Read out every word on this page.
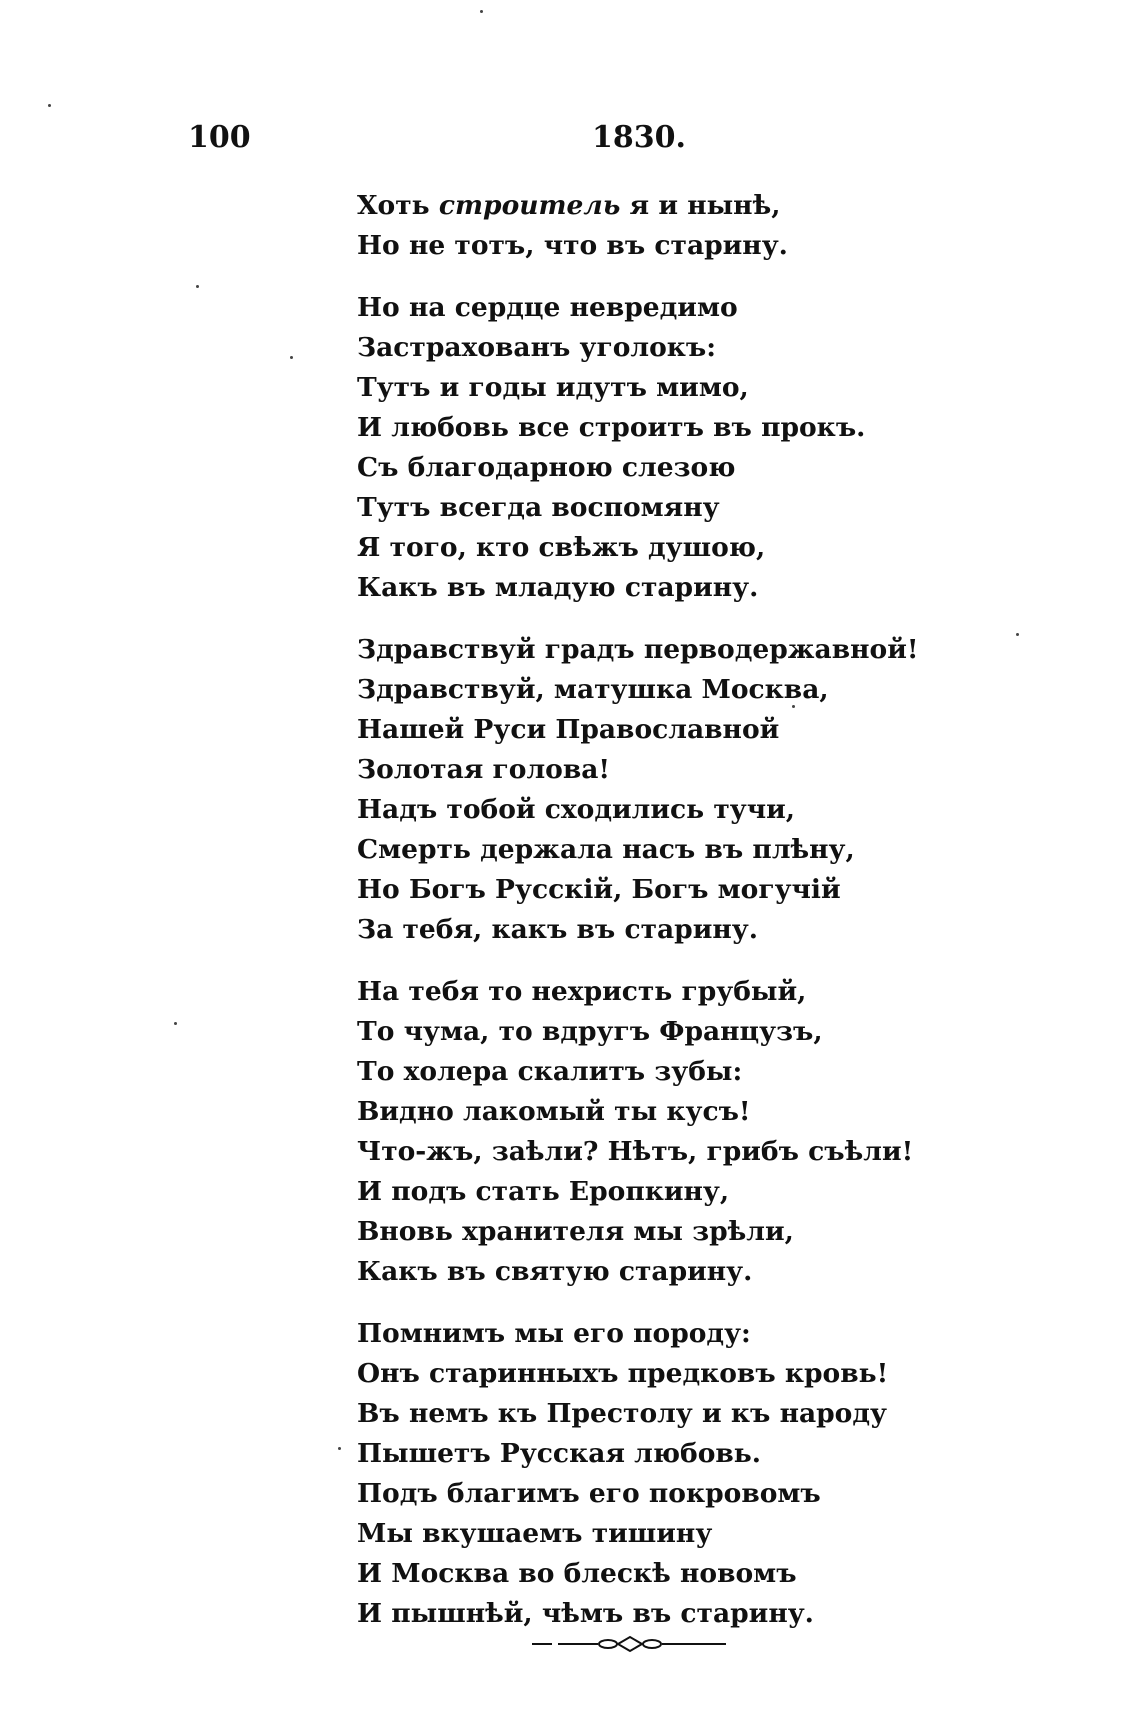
100	1830.
Хоть строитель я и нынѣ,
Но не тотъ, что въ старину.
Но на сердце невредимо
Застрахованъ уголокъ:
Тутъ и годы идутъ мимо,
И любовь все строитъ въ прокъ.
Съ благодарною слезою
Тутъ всегда воспомяну
Я того, кто свѣжъ душою,
Какъ въ младую старину.
Здравствуй градъ перводержавной!
Здравствуй, матушка Москва,
Нашей Руси Православной
Золотая голова!
Надъ тобой сходились тучи,
Смерть держала насъ въ плѣну,
Но Богъ Русскій, Богъ могучій
За тебя, какъ въ старину.
На тебя то нехристь грубый,
То чума, то вдругъ Французъ,
То холера скалитъ зубы:
Видно лакомый ты кусъ!
Что-жъ, заѣли? Нѣтъ, грибъ съѣли!
И подъ стать Еропкину,
Вновь хранителя мы зрѣли,
Какъ въ святую старину.
Помнимъ мы его породу:
Онъ старинныхъ предковъ кровь!
Въ немъ къ Престолу и къ народу
Пышетъ Русская любовь.
Подъ благимъ его покровомъ
Мы вкушаемъ тишину
И Москва во блескѣ новомъ
И пышнѣй, чѣмъ въ старину.
